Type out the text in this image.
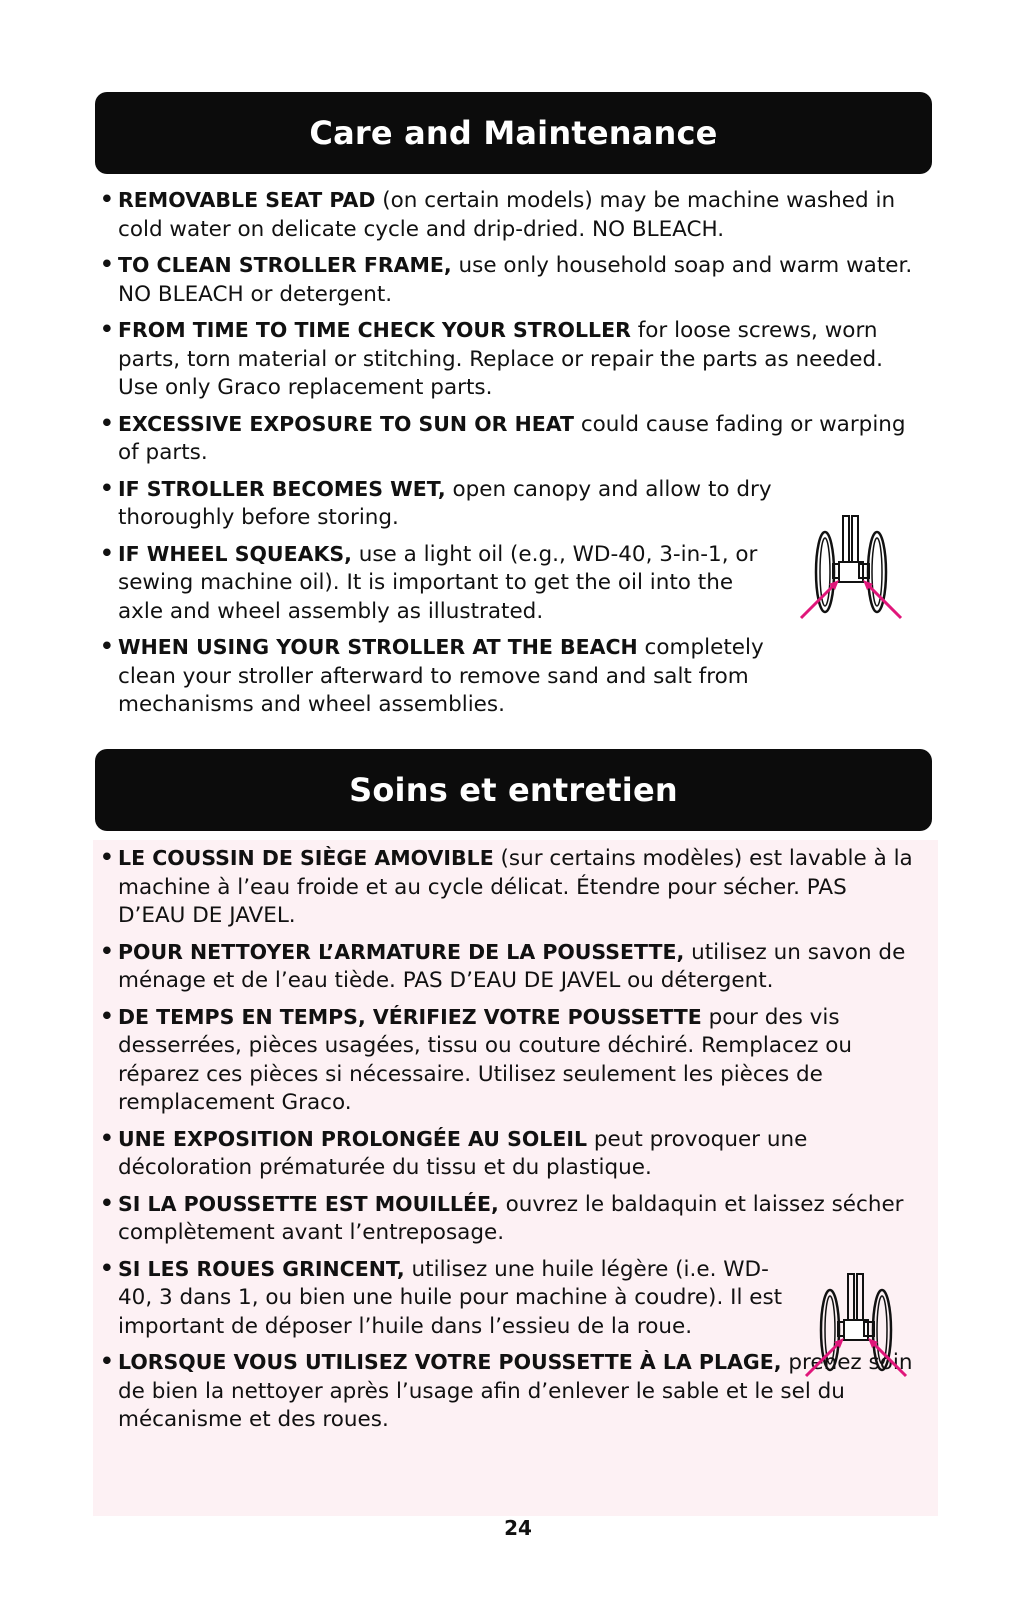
Care and Maintenance
• REMOVABLE SEAT PAD (on certain models) may be machine washed in cold water on delicate cycle and drip-dried. NO BLEACH.
• TO CLEAN STROLLER FRAME, use only household soap and warm water. NO BLEACH or detergent.
• FROM TIME TO TIME CHECK YOUR STROLLER for loose screws, worn parts, torn material or stitching. Replace or repair the parts as needed. Use only Graco replacement parts.
• EXCESSIVE EXPOSURE TO SUN OR HEAT could cause fading or warping of parts.
• IF STROLLER BECOMES WET, open canopy and allow to dry thoroughly before storing.
• IF WHEEL SQUEAKS, use a light oil (e.g., WD-40, 3-in-1, or sewing machine oil). It is important to get the oil into the axle and wheel assembly as illustrated.
• WHEN USING YOUR STROLLER AT THE BEACH completely clean your stroller afterward to remove sand and salt from mechanisms and wheel assemblies.
Soins et entretien
• LE COUSSIN DE SIÈGE AMOVIBLE (sur certains modèles) est lavable à la machine à l’eau froide et au cycle délicat. Étendre pour sécher. PAS D’EAU DE JAVEL.
• POUR NETTOYER L’ARMATURE DE LA POUSSETTE, utilisez un savon de ménage et de l’eau tiède. PAS D’EAU DE JAVEL ou détergent.
• DE TEMPS EN TEMPS, VÉRIFIEZ VOTRE POUSSETTE pour des vis desserrées, pièces usagées, tissu ou couture déchiré. Remplacez ou réparez ces pièces si nécessaire. Utilisez seulement les pièces de remplacement Graco.
• UNE EXPOSITION PROLONGÉE AU SOLEIL peut provoquer une décoloration prématurée du tissu et du plastique.
• SI LA POUSSETTE EST MOUILLÉE, ouvrez le baldaquin et laissez sécher complètement avant l’entreposage.
• SI LES ROUES GRINCENT, utilisez une huile légère (i.e. WD-40, 3 dans 1, ou bien une huile pour machine à coudre). Il est important de déposer l’huile dans l’essieu de la roue.
• LORSQUE VOUS UTILISEZ VOTRE POUSSETTE À LA PLAGE, prenez soin de bien la nettoyer après l’usage afin d’enlever le sable et le sel du mécanisme et des roues.
24
